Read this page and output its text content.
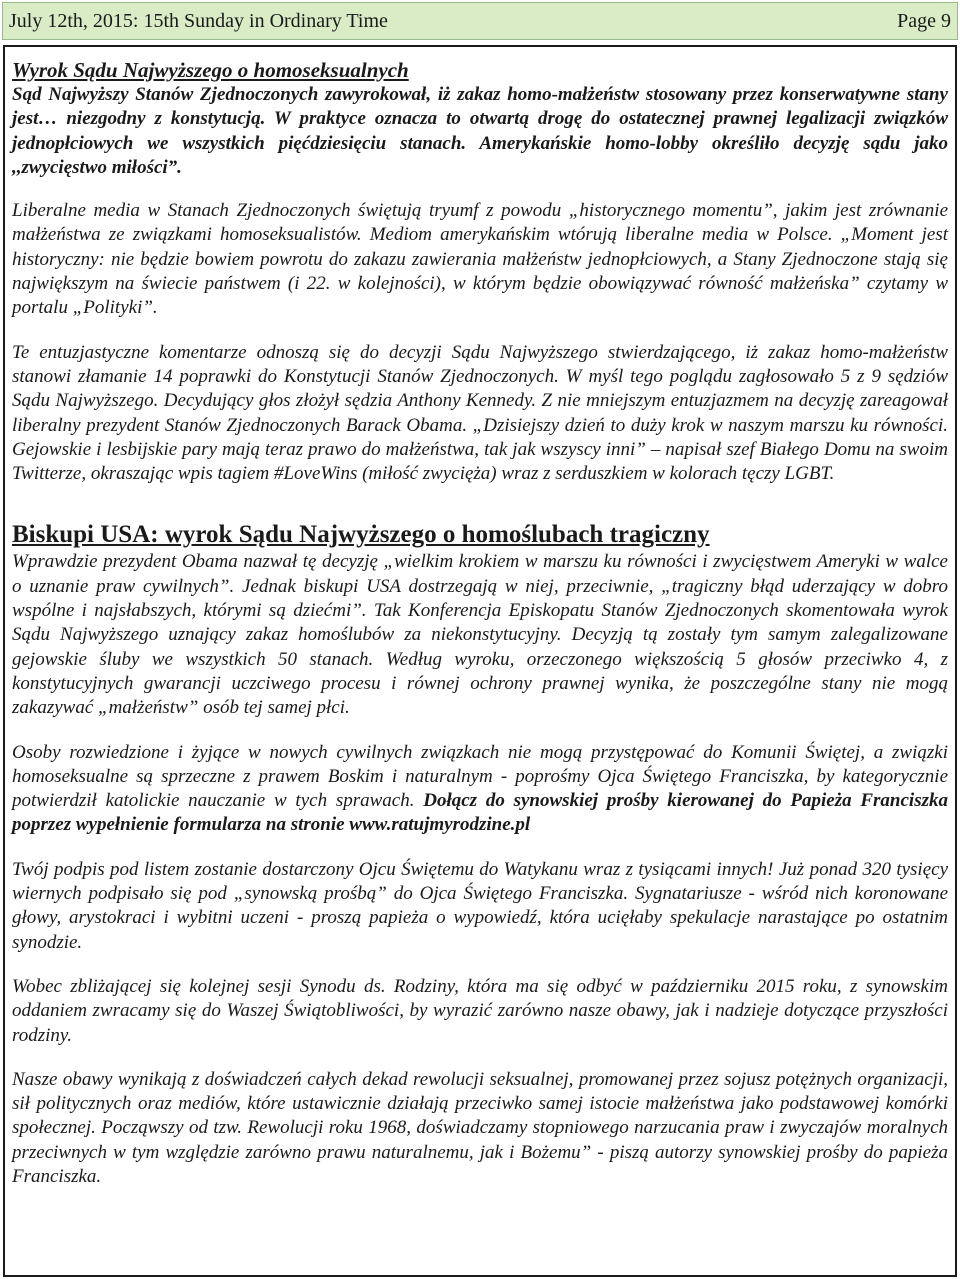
July 12th, 2015: 15th Sunday in Ordinary Time	Page 9

Wyrok Sądu Najwyższego o homoseksualnych

Sąd Najwyższy Stanów Zjednoczonych zawyrokował, iż zakaz homo-małżeństw stosowany przez konserwatywne stany jest… niezgodny z konstytucją. W praktyce oznacza to otwartą drogę do ostatecznej prawnej legalizacji związków jednopłciowych we wszystkich pięćdziesięciu stanach. Amerykańskie homo-lobby określiło decyzję sądu jako ,,zwycięstwo miłości”.

Liberalne media w Stanach Zjednoczonych świętują tryumf z powodu „historycznego momentu”, jakim jest zrównanie małżeństwa ze związkami homoseksualistów. Mediom amerykańskim wtórują liberalne media w Polsce. „Moment jest historyczny: nie będzie bowiem powrotu do zakazu zawierania małżeństw jednopłciowych, a Stany Zjednoczone stają się największym na świecie państwem (i 22. w kolejności), w którym będzie obowiązywać równość małżeńska” czytamy w portalu „Polityki”.

Te entuzjastyczne komentarze odnoszą się do decyzji Sądu Najwyższego stwierdzającego, iż zakaz homo-małżeństw stanowi złamanie 14 poprawki do Konstytucji Stanów Zjednoczonych. W myśl tego poglądu zagłosowało 5 z 9 sędziów Sądu Najwyższego. Decydujący głos złożył sędzia Anthony Kennedy. Z nie mniejszym entuzjazmem na decyzję zareagował liberalny prezydent Stanów Zjednoczonych Barack Obama. „Dzisiejszy dzień to duży krok w naszym marszu ku równości. Gejowskie i lesbijskie pary mają teraz prawo do małżeństwa, tak jak wszyscy inni” – napisał szef Białego Domu na swoim Twitterze, okraszając wpis tagiem #LoveWins (miłość zwycięża) wraz z serduszkiem w kolorach tęczy LGBT.

Biskupi USA: wyrok Sądu Najwyższego o homoślubach tragiczny

Wprawdzie prezydent Obama nazwał tę decyzję „wielkim krokiem w marszu ku równości i zwycięstwem Ameryki w walce o uznanie praw cywilnych”. Jednak biskupi USA dostrzegają w niej, przeciwnie, „tragiczny błąd uderzający w dobro wspólne i najsłabszych, którymi są dziećmi”. Tak Konferencja Episkopatu Stanów Zjednoczonych skomentowała wyrok Sądu Najwyższego uznający zakaz homoślubów za niekonstytucyjny. Decyzją tą zostały tym samym zalegalizowane gejowskie śluby we wszystkich 50 stanach. Według wyroku, orzeczonego większością 5 głosów przeciwko 4, z konstytucyjnych gwarancji uczciwego procesu i równej ochrony prawnej wynika, że poszczególne stany nie mogą zakazywać „małżeństw” osób tej samej płci.

Osoby rozwiedzione i żyjące w nowych cywilnych związkach nie mogą przystępować do Komunii Świętej, a związki homoseksualne są sprzeczne z prawem Boskim i naturalnym - poprośmy Ojca Świętego Franciszka, by kategorycznie potwierdził katolickie nauczanie w tych sprawach. Dołącz do synowskiej prośby kierowanej do Papieża Franciszka poprzez wypełnienie formularza na stronie www.ratujmyrodzine.pl

Twój podpis pod listem zostanie dostarczony Ojcu Świętemu do Watykanu wraz z tysiącami innych! Już ponad 320 tysięcy wiernych podpisało się pod „synowską prośbą” do Ojca Świętego Franciszka. Sygnatariusze - wśród nich koronowane głowy, arystokraci i wybitni uczeni - proszą papieża o wypowiedź, która ucięłaby spekulacje narastające po ostatnim synodzie.

Wobec zbliżającej się kolejnej sesji Synodu ds. Rodziny, która ma się odbyć w październiku 2015 roku, z synowskim oddaniem zwracamy się do Waszej Świątobliwości, by wyrazić zarówno nasze obawy, jak i nadzieje dotyczące przyszłości rodziny.

Nasze obawy wynikają z doświadczeń całych dekad rewolucji seksualnej, promowanej przez sojusz potężnych organizacji, sił politycznych oraz mediów, które ustawicznie działają przeciwko samej istocie małżeństwa jako podstawowej komórki społecznej. Począwszy od tzw. Rewolucji roku 1968, doświadczamy stopniowego narzucania praw i zwyczajów moralnych przeciwnych w tym względzie zarówno prawu naturalnemu, jak i Bożemu” - piszą autorzy synowskiej prośby do papieża Franciszka.
